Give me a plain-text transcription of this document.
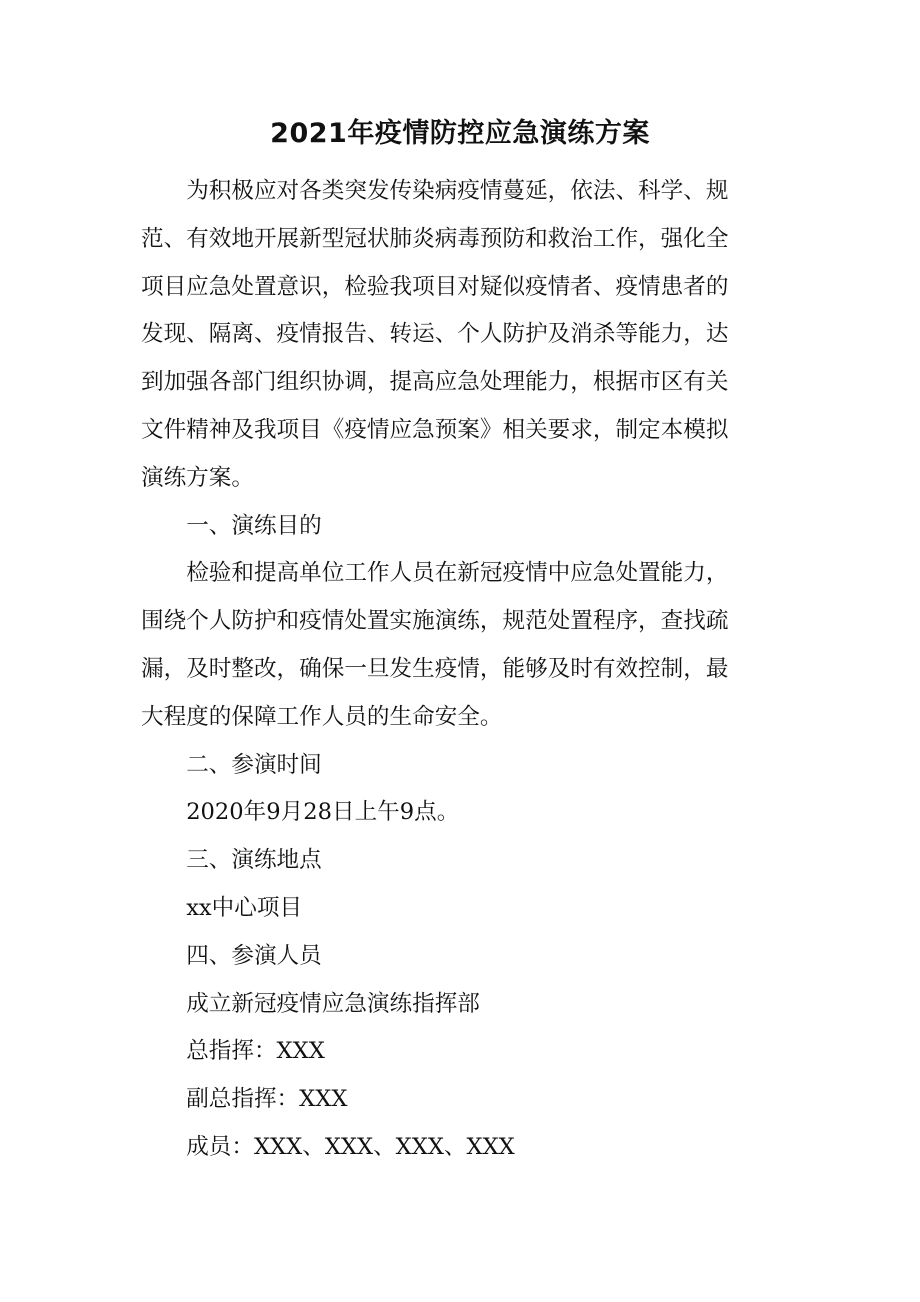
2021年疫情防控应急演练方案

为积极应对各类突发传染病疫情蔓延，依法、科学、规
范、有效地开展新型冠状肺炎病毒预防和救治工作，强化全
项目应急处置意识，检验我项目对疑似疫情者、疫情患者的
发现、隔离、疫情报告、转运、个人防护及消杀等能力，达
到加强各部门组织协调，提高应急处理能力，根据市区有关
文件精神及我项目《疫情应急预案》相关要求，制定本模拟
演练方案。

一、演练目的

检验和提高单位工作人员在新冠疫情中应急处置能力，
围绕个人防护和疫情处置实施演练，规范处置程序，查找疏
漏，及时整改，确保一旦发生疫情，能够及时有效控制，最
大程度的保障工作人员的生命安全。

二、参演时间

2020年9月28日上午9点。

三、演练地点

xx中心项目

四、参演人员

成立新冠疫情应急演练指挥部

总指挥：XXX

副总指挥：XXX

成员：XXX、XXX、XXX、XXX
